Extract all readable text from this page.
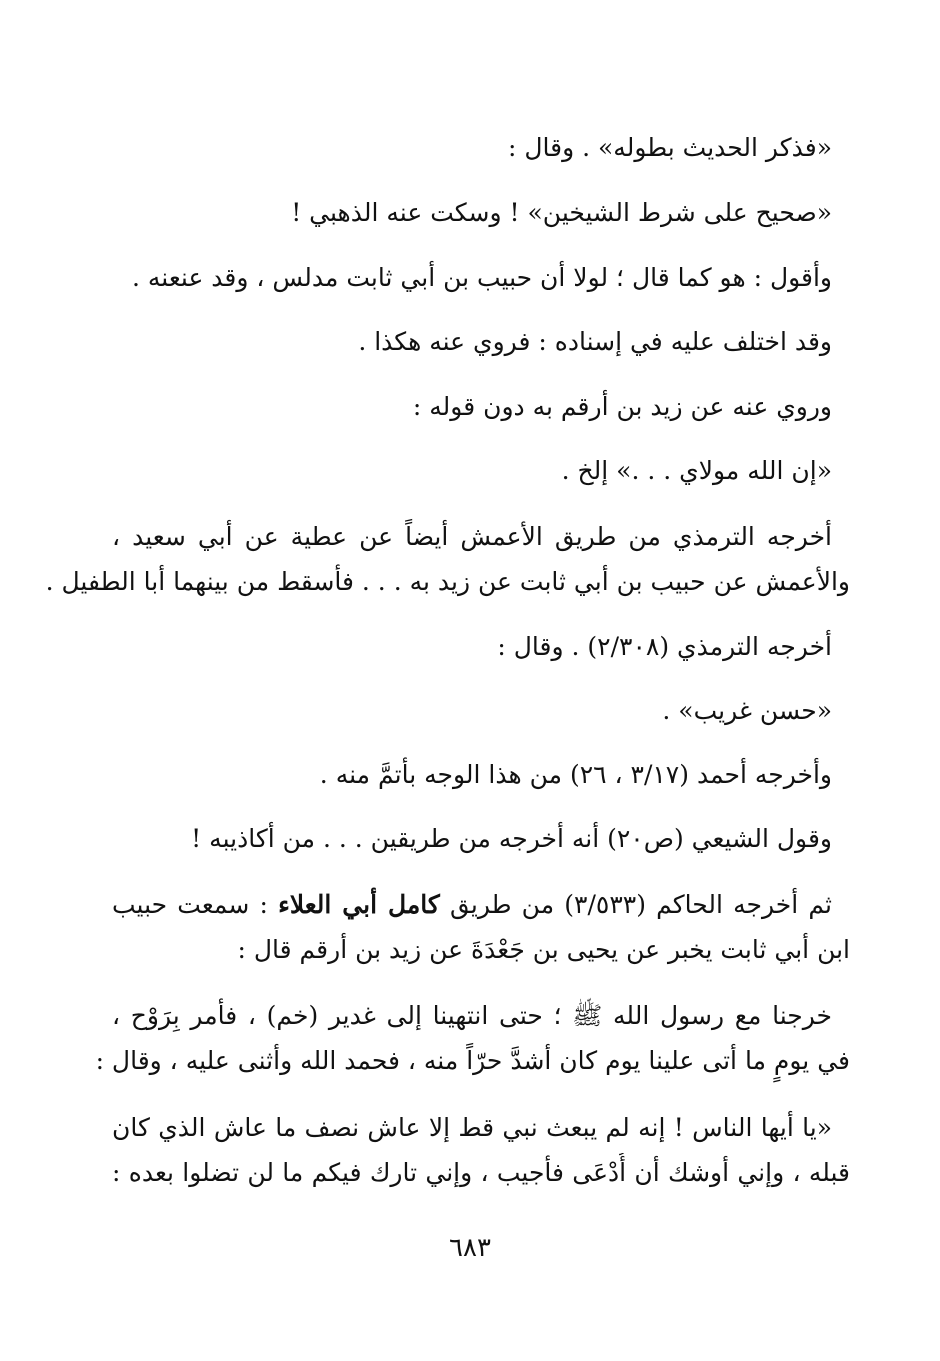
«فذكر الحديث بطوله» . وقال :
«صحيح على شرط الشيخين» ! وسكت عنه الذهبي !
وأقول : هو كما قال ؛ لولا أن حبيب بن أبي ثابت مدلس ، وقد عنعنه .
وقد اختلف عليه في إسناده : فروي عنه هكذا .
وروي عنه عن زيد بن أرقم به دون قوله :
«إن الله مولاي . . .» إلخ .
أخرجه الترمذي من طريق الأعمش أيضاً عن عطية عن أبي سعيد ،
والأعمش عن حبيب بن أبي ثابت عن زيد به . . . فأسقط من بينهما أبا الطفيل .
أخرجه الترمذي (٢/٣٠٨) . وقال :
«حسن غريب» .
وأخرجه أحمد (٣/١٧ ، ٢٦) من هذا الوجه بأتمَّ منه .
وقول الشيعي (ص٢٠) أنه أخرجه من طريقين . . . من أكاذيبه !
ثم أخرجه الحاكم (٣/٥٣٣) من طريق كامل أبي العلاء : سمعت حبيب
ابن أبي ثابت يخبر عن يحيى بن جَعْدَةَ عن زيد بن أرقم قال :
خرجنا مع رسول الله ﷺ ؛ حتى انتهينا إلى غدير (خم) ، فأمر بِرَوْح ،
في يومٍ ما أتى علينا يوم كان أشدَّ حرّاً منه ، فحمد الله وأثنى عليه ، وقال :
«يا أيها الناس ! إنه لم يبعث نبي قط إلا عاش نصف ما عاش الذي كان
قبله ، وإني أوشك أن أُدْعَى فأجيب ، وإني تارك فيكم ما لن تضلوا بعده :
٦٨٣
